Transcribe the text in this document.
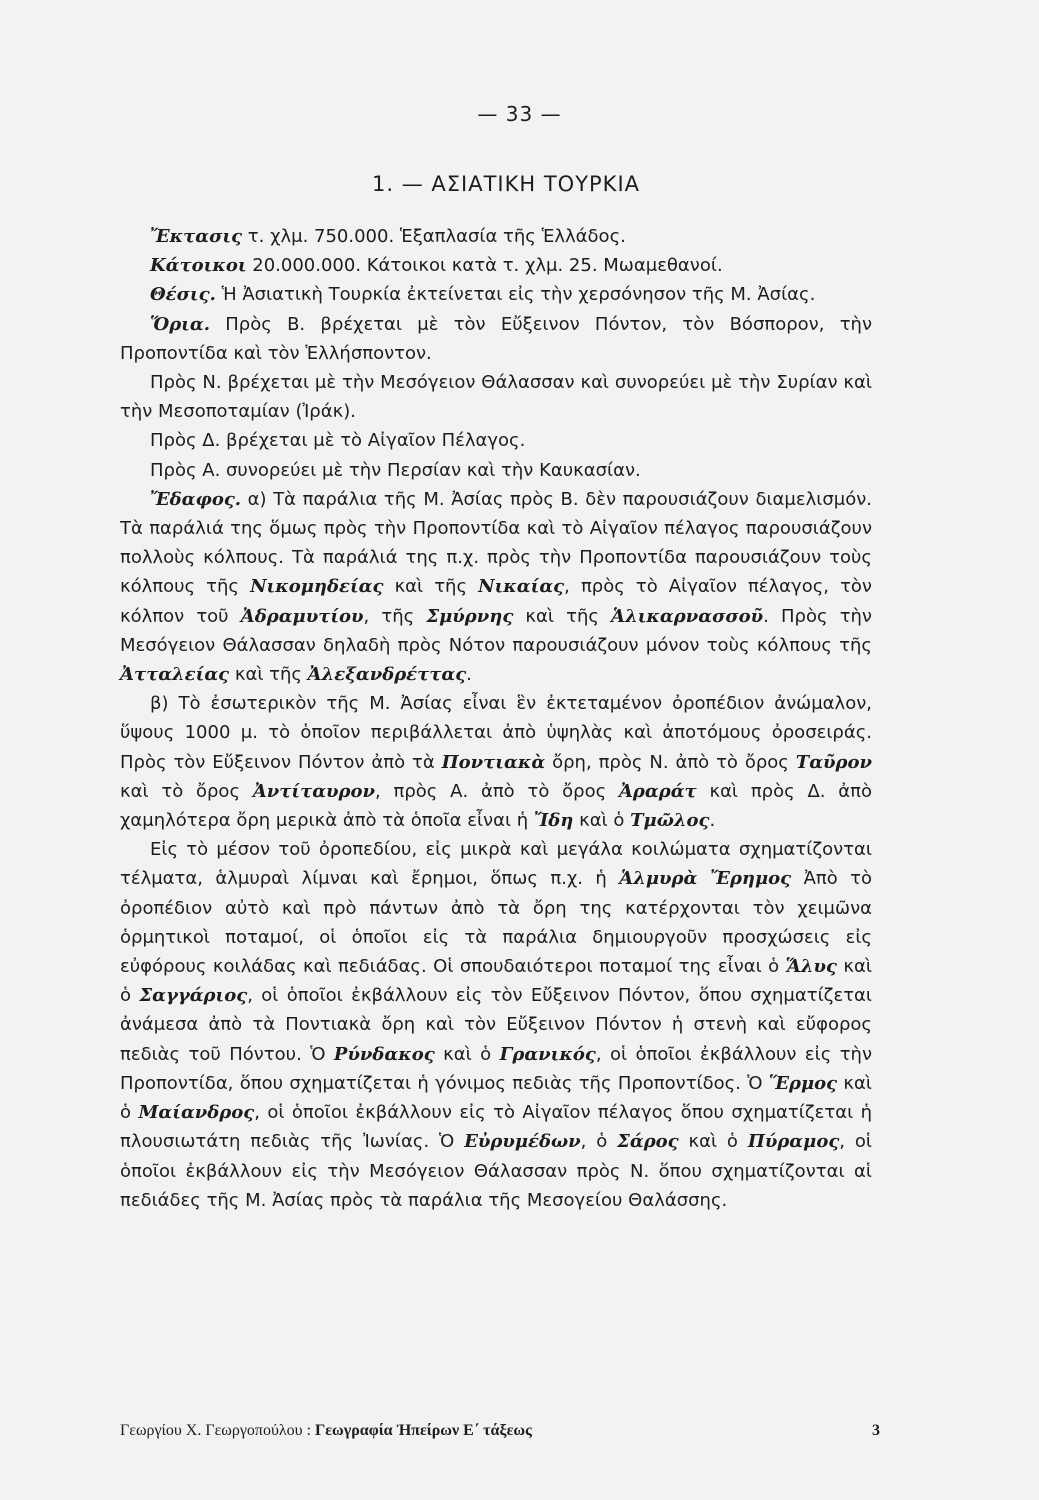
— 33 —
1. — ΑΣΙΑΤΙΚΗ ΤΟΥΡΚΙΑ

Ἔκτασις τ. χλμ. 750.000. Ἑξαπλασία τῆς Ἑλλάδος.

Κάτοικοι 20.000.000. Κάτοικοι κατὰ τ. χλμ. 25. Μωαμεθανοί.

Θέσις. Ἡ Ἀσιατικὴ Τουρκία ἐκτείνεται εἰς τὴν χερσόνησον τῆς Μ. Ἀσίας.

Ὅρια. Πρὸς Β. βρέχεται μὲ τὸν Εὔξεινον Πόντον, τὸν Βόσπορον, τὴν Προποντίδα καὶ τὸν Ἑλλήσποντον.

Πρὸς Ν. βρέχεται μὲ τὴν Μεσόγειον Θάλασσαν καὶ συνορεύει μὲ τὴν Συρίαν καὶ τὴν Μεσοποταμίαν (Ἰράκ).

Πρὸς Δ. βρέχεται μὲ τὸ Αἰγαῖον Πέλαγος.

Πρὸς Α. συνορεύει μὲ τὴν Περσίαν καὶ τὴν Καυκασίαν.

Ἔδαφος. α) Τὰ παράλια τῆς Μ. Ἀσίας πρὸς Β. δὲν παρουσιάζουν διαμελισμόν. Τὰ παράλιά της ὅμως πρὸς τὴν Προποντίδα καὶ τὸ Αἰγαῖον πέλαγος παρουσιάζουν πολλοὺς κόλπους. Τὰ παράλιά της π.χ. πρὸς τὴν Προποντίδα παρουσιάζουν τοὺς κόλπους τῆς Νικομηδείας καὶ τῆς Νικαίας, πρὸς τὸ Αἰγαῖον πέλαγος, τὸν κόλπον τοῦ Ἀδραμυτίου, τῆς Σμύρνης καὶ τῆς Ἁλικαρνασσοῦ. Πρὸς τὴν Μεσόγειον Θάλασσαν δηλαδὴ πρὸς Νότον παρουσιάζουν μόνον τοὺς κόλπους τῆς Ἀτταλείας καὶ τῆς Ἀλεξανδρέττας.

β) Τὸ ἐσωτερικὸν τῆς Μ. Ἀσίας εἶναι ἓν ἐκτεταμένον ὀροπέδιον ἀνώμαλον, ὕψους 1000 μ. τὸ ὁποῖον περιβάλλεται ἀπὸ ὑψηλὰς καὶ ἀποτόμους ὀροσειράς. Πρὸς τὸν Εὔξεινον Πόντον ἀπὸ τὰ Ποντιακὰ ὄρη, πρὸς Ν. ἀπὸ τὸ ὄρος Ταῦρον καὶ τὸ ὄρος Ἀντίταυρον, πρὸς Α. ἀπὸ τὸ ὄρος Ἀραράτ καὶ πρὸς Δ. ἀπὸ χαμηλότερα ὄρη μερικὰ ἀπὸ τὰ ὁποῖα εἶναι ἡ Ἴδη καὶ ὁ Τμῶλος.

Εἰς τὸ μέσον τοῦ ὀροπεδίου, εἰς μικρὰ καὶ μεγάλα κοιλώματα σχηματίζονται τέλματα, ἁλμυραὶ λίμναι καὶ ἔρημοι, ὅπως π.χ. ἡ Ἁλμυρὰ Ἔρημος Ἀπὸ τὸ ὀροπέδιον αὐτὸ καὶ πρὸ πάντων ἀπὸ τὰ ὄρη της κατέρχονται τὸν χειμῶνα ὁρμητικοὶ ποταμοί, οἱ ὁποῖοι εἰς τὰ παράλια δημιουργοῦν προσχώσεις εἰς εὐφόρους κοιλάδας καὶ πεδιάδας. Οἱ σπουδαιότεροι ποταμοί της εἶναι ὁ Ἅλυς καὶ ὁ Σαγγάριος, οἱ ὁποῖοι ἐκβάλλουν εἰς τὸν Εὔξεινον Πόντον, ὅπου σχηματίζεται ἀνάμεσα ἀπὸ τὰ Ποντιακὰ ὄρη καὶ τὸν Εὔξεινον Πόντον ἡ στενὴ καὶ εὔφορος πεδιὰς τοῦ Πόντου. Ὁ Ρύνδακος καὶ ὁ Γρανικός, οἱ ὁποῖοι ἐκβάλλουν εἰς τὴν Προποντίδα, ὅπου σχηματίζεται ἡ γόνιμος πεδιὰς τῆς Προποντίδος. Ὁ Ἕρμος καὶ ὁ Μαίανδρος, οἱ ὁποῖοι ἐκβάλλουν εἰς τὸ Αἰγαῖον πέλαγος ὅπου σχηματίζεται ἡ πλουσιωτάτη πεδιὰς τῆς Ἰωνίας. Ὁ Εὐρυμέδων, ὁ Σάρος καὶ ὁ Πύραμος, οἱ ὁποῖοι ἐκβάλλουν εἰς τὴν Μεσόγειον Θάλασσαν πρὸς Ν. ὅπου σχηματίζονται αἱ πεδιάδες τῆς Μ. Ἀσίας πρὸς τὰ παράλια τῆς Μεσογείου Θαλάσσης.

Γεωργίου Χ. Γεωργοπούλου : Γεωγραφία Ἠπείρων Ε΄ τάξεως	3
